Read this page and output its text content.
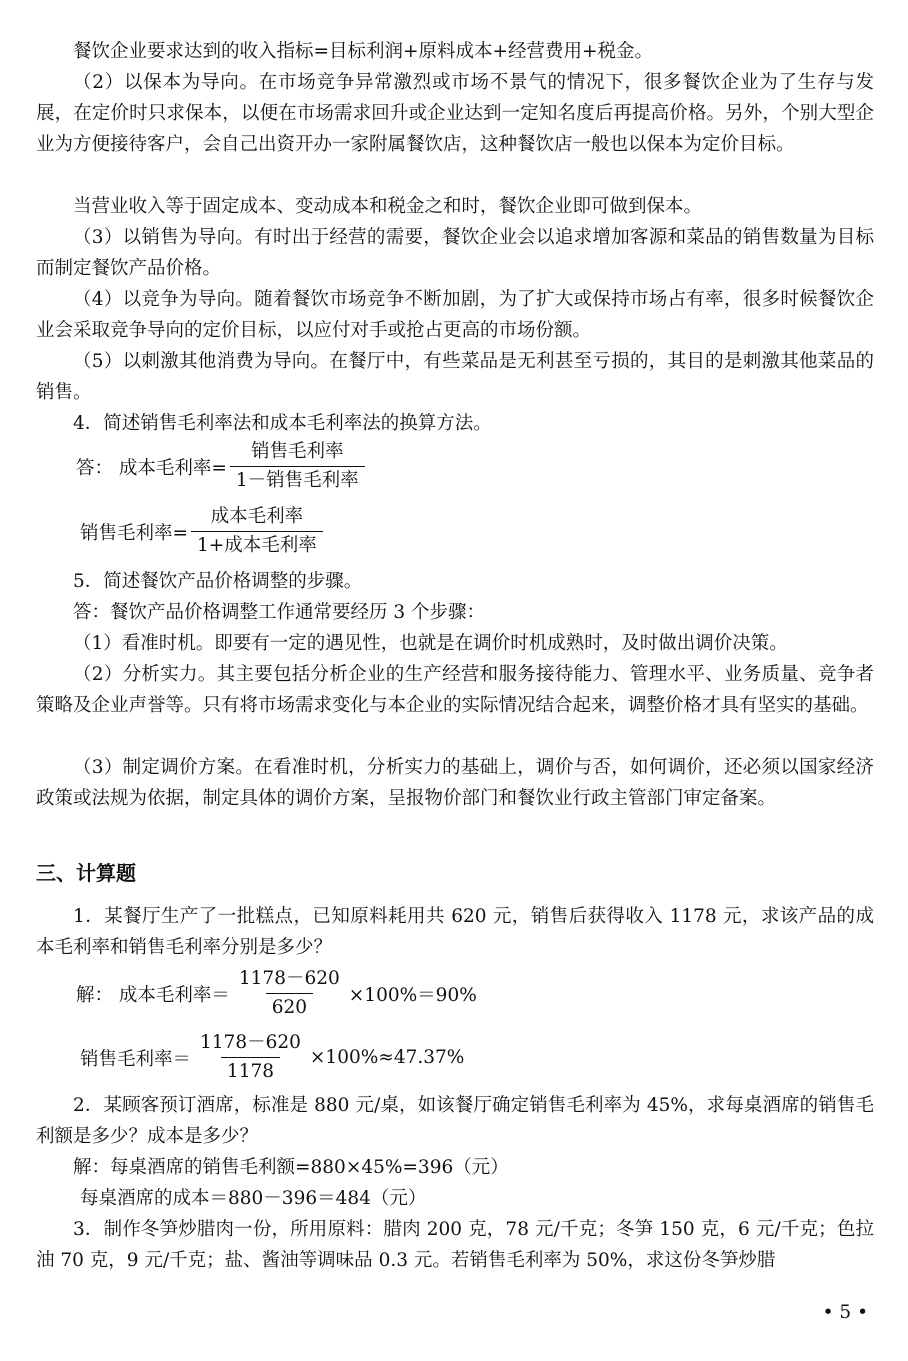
餐饮企业要求达到的收入指标=目标利润+原料成本+经营费用+税金。

（2）以保本为导向。在市场竞争异常激烈或市场不景气的情况下，很多餐饮企业为了生存与发展，在定价时只求保本，以便在市场需求回升或企业达到一定知名度后再提高价格。另外，个别大型企业为方便接待客户，会自己出资开办一家附属餐饮店，这种餐饮店一般也以保本为定价目标。

当营业收入等于固定成本、变动成本和税金之和时，餐饮企业即可做到保本。

（3）以销售为导向。有时出于经营的需要，餐饮企业会以追求增加客源和菜品的销售数量为目标而制定餐饮产品价格。

（4）以竞争为导向。随着餐饮市场竞争不断加剧，为了扩大或保持市场占有率，很多时候餐饮企业会采取竞争导向的定价目标，以应付对手或抢占更高的市场份额。

（5）以刺激其他消费为导向。在餐厅中，有些菜品是无利甚至亏损的，其目的是刺激其他菜品的销售。

4．简述销售毛利率法和成本毛利率法的换算方法。

答： 成本毛利率= $\frac{\text{销售毛利率}}{\text{1－销售毛利率}}$
销售毛利率= $\frac{\text{成本毛利率}}{\text{1+成本毛利率}}$

5．简述餐饮产品价格调整的步骤。

答：餐饮产品价格调整工作通常要经历 3 个步骤：

（1）看准时机。即要有一定的遇见性，也就是在调价时机成熟时，及时做出调价决策。

（2）分析实力。其主要包括分析企业的生产经营和服务接待能力、管理水平、业务质量、竞争者策略及企业声誉等。只有将市场需求变化与本企业的实际情况结合起来，调整价格才具有坚实的基础。

（3）制定调价方案。在看准时机，分析实力的基础上，调价与否，如何调价，还必须以国家经济政策或法规为依据，制定具体的调价方案，呈报物价部门和餐饮业行政主管部门审定备案。

三、计算题

1．某餐厅生产了一批糕点，已知原料耗用共 620 元，销售后获得收入 1178 元，求该产品的成本毛利率和销售毛利率分别是多少？

解： 成本毛利率＝ $\frac{1178-620}{620} \times 100\%=90\%$
销售毛利率＝ $\frac{1178-620}{1178} \times 100\%\approx 47.37\%$

2．某顾客预订酒席，标准是 880 元/桌，如该餐厅确定销售毛利率为 45%，求每桌酒席的销售毛利额是多少？成本是多少？

解：每桌酒席的销售毛利额=880×45%=396（元）

每桌酒席的成本＝880－396＝484（元）

3．制作冬笋炒腊肉一份，所用原料：腊肉 200 克，78 元/千克；冬笋 150 克，6 元/千克；色拉油 70 克，9 元/千克；盐、酱油等调味品 0.3 元。若销售毛利率为 50%，求这份冬笋炒腊

• 5 •
